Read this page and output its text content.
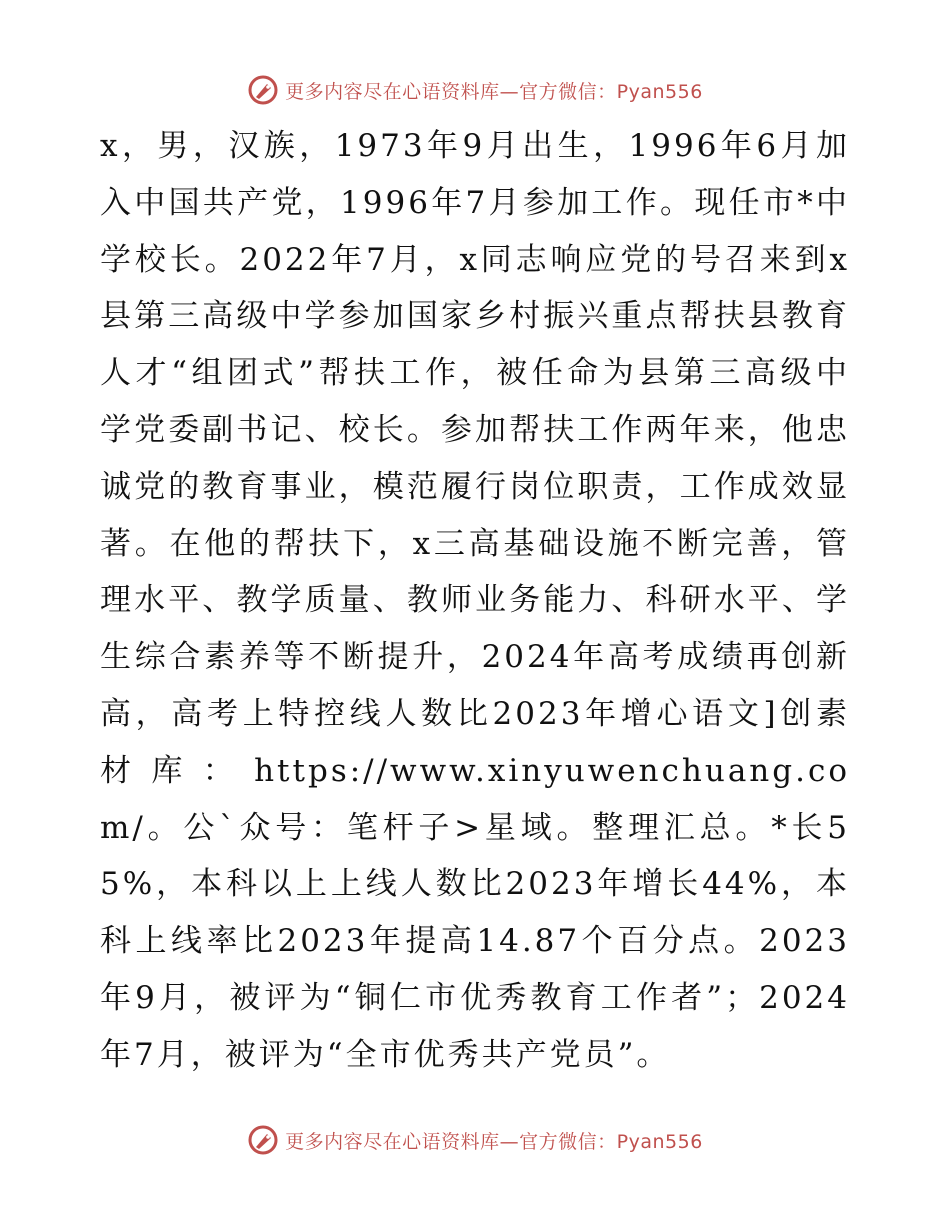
更多内容尽在心语资料库—官方微信：Pyan556

x，男，汉族，1973年9月出生，1996年6月加入中国共产党，1996年7月参加工作。现任市*中学校长。2022年7月，x同志响应党的号召来到x县第三高级中学参加国家乡村振兴重点帮扶县教育人才“组团式”帮扶工作，被任命为县第三高级中学党委副书记、校长。参加帮扶工作两年来，他忠诚党的教育事业，模范履行岗位职责，工作成效显著。在他的帮扶下，x三高基础设施不断完善，管理水平、教学质量、教师业务能力、科研水平、学生综合素养等不断提升，2024年高考成绩再创新高，高考上特控线人数比2023年增心语文]创素材库：https://www.xinyuwenchuang.com/。公`众号：笔杆子>星域。整理汇总。*长55%，本科以上上线人数比2023年增长44%，本科上线率比2023年提高14.87个百分点。2023年9月，被评为“铜仁市优秀教育工作者”；2024年7月，被评为“全市优秀共产党员”。

更多内容尽在心语资料库—官方微信：Pyan556
